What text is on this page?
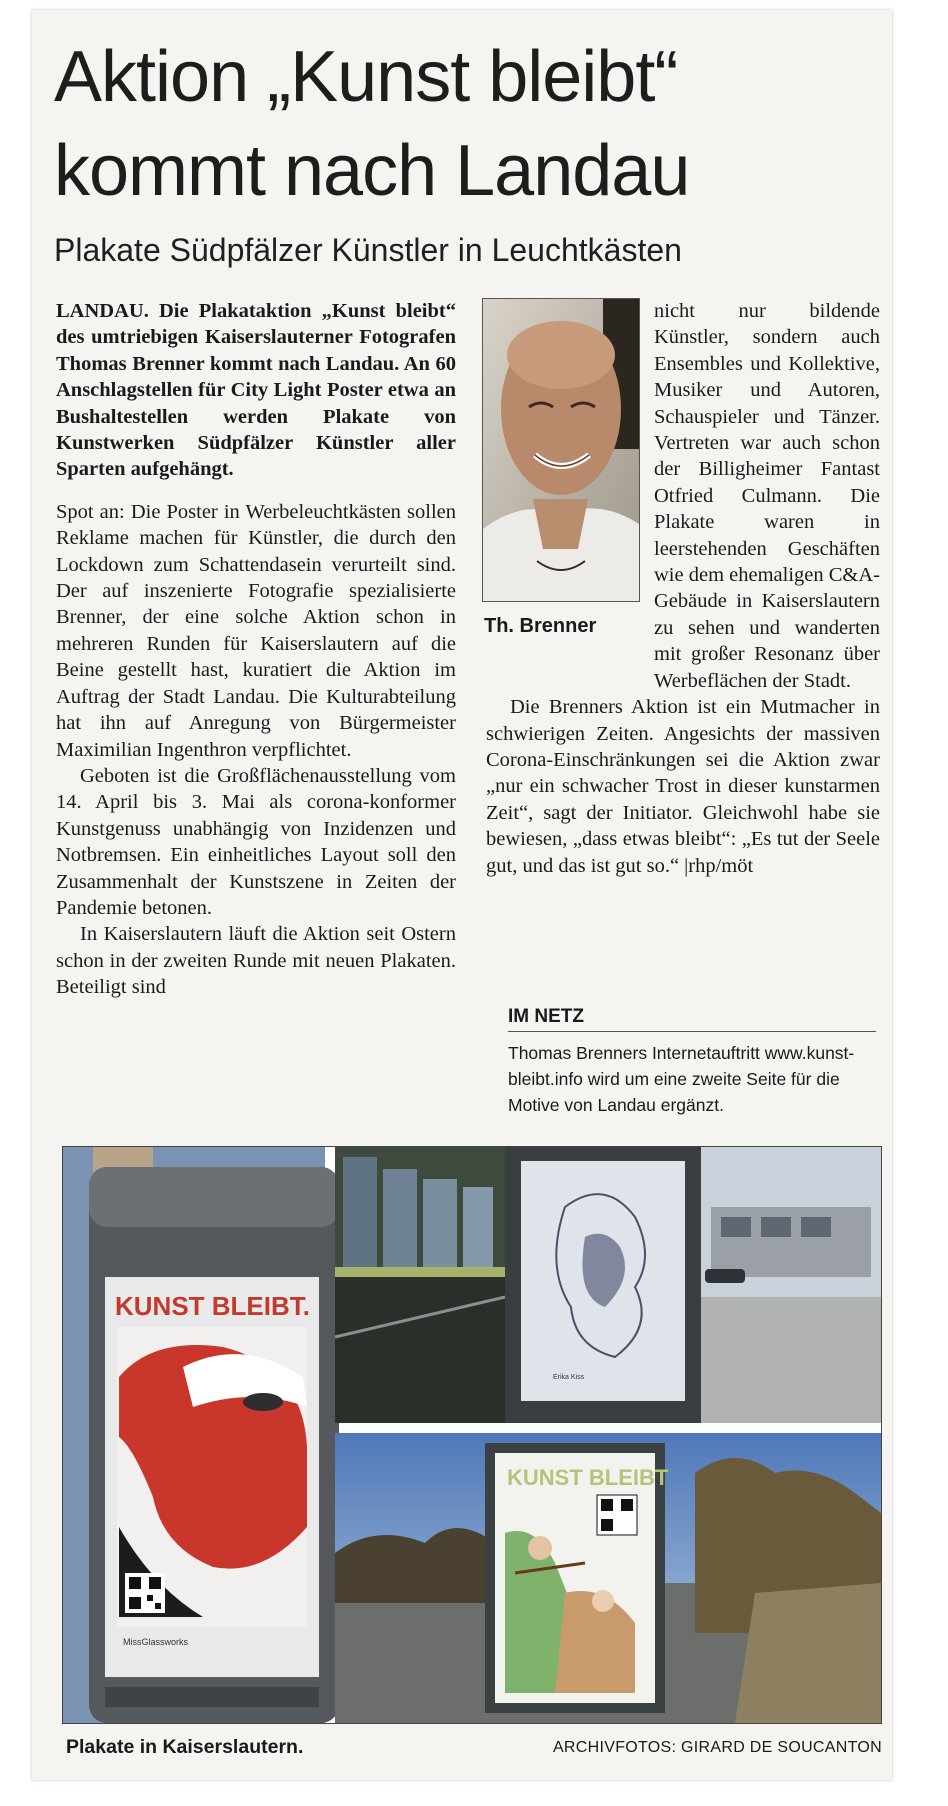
Aktion „Kunst bleibt“
kommt nach Landau
Plakate Südpfälzer Künstler in Leuchtkästen

LANDAU. Die Plakataktion „Kunst bleibt“ des umtriebigen Kaiserslauterner Fotografen Thomas Brenner kommt nach Landau. An 60 Anschlagstellen für City Light Poster etwa an Bushaltestellen werden Plakate von Kunstwerken Südpfälzer Künstler aller Sparten aufgehängt.

Spot an: Die Poster in Werbeleuchtkästen sollen Reklame machen für Künstler, die durch den Lockdown zum Schattendasein verurteilt sind. Der auf inszenierte Fotografie spezialisierte Brenner, der eine solche Aktion schon in mehreren Runden für Kaiserslautern auf die Beine gestellt hast, kuratiert die Aktion im Auftrag der Stadt Landau. Die Kulturabteilung hat ihn auf Anregung von Bürgermeister Maximilian Ingenthron verpflichtet.

Geboten ist die Großflächenausstellung vom 14. April bis 3. Mai als corona-konformer Kunstgenuss unabhängig von Inzidenzen und Notbremsen. Ein einheitliches Layout soll den Zusammenhalt der Kunstszene in Zeiten der Pandemie betonen.

In Kaiserslautern läuft die Aktion seit Ostern schon in der zweiten Runde mit neuen Plakaten. Beteiligt sind

Th. Brenner

nicht nur bildende Künstler, sondern auch Ensembles und Kollektive, Musiker und Autoren, Schauspieler und Tänzer. Vertreten war auch schon der Billigheimer Fantast Otfried Culmann. Die Plakate waren in leerstehenden Geschäften wie dem ehemaligen C&A-Gebäude in Kaiserslautern zu sehen und wanderten mit großer Resonanz über Werbeflächen der Stadt.

Die Brenners Aktion ist ein Mutmacher in schwierigen Zeiten. Angesichts der massiven Corona-Einschränkungen sei die Aktion zwar „nur ein schwacher Trost in dieser kunstarmen Zeit“, sagt der Initiator. Gleichwohl habe sie bewiesen, „dass etwas bleibt“: „Es tut der Seele gut, und das ist gut so.“ |rhp/möt

IM NETZ
Thomas Brenners Internetauftritt www.kunst-bleibt.info wird um eine zweite Seite für die Motive von Landau ergänzt.
KUNST BLEIBT.
MissGlassworks
Erika Kiss
KUNST BLEIBT
Plakate in Kaiserslautern.	ARCHIVFOTOS: GIRARD DE SOUCANTON
